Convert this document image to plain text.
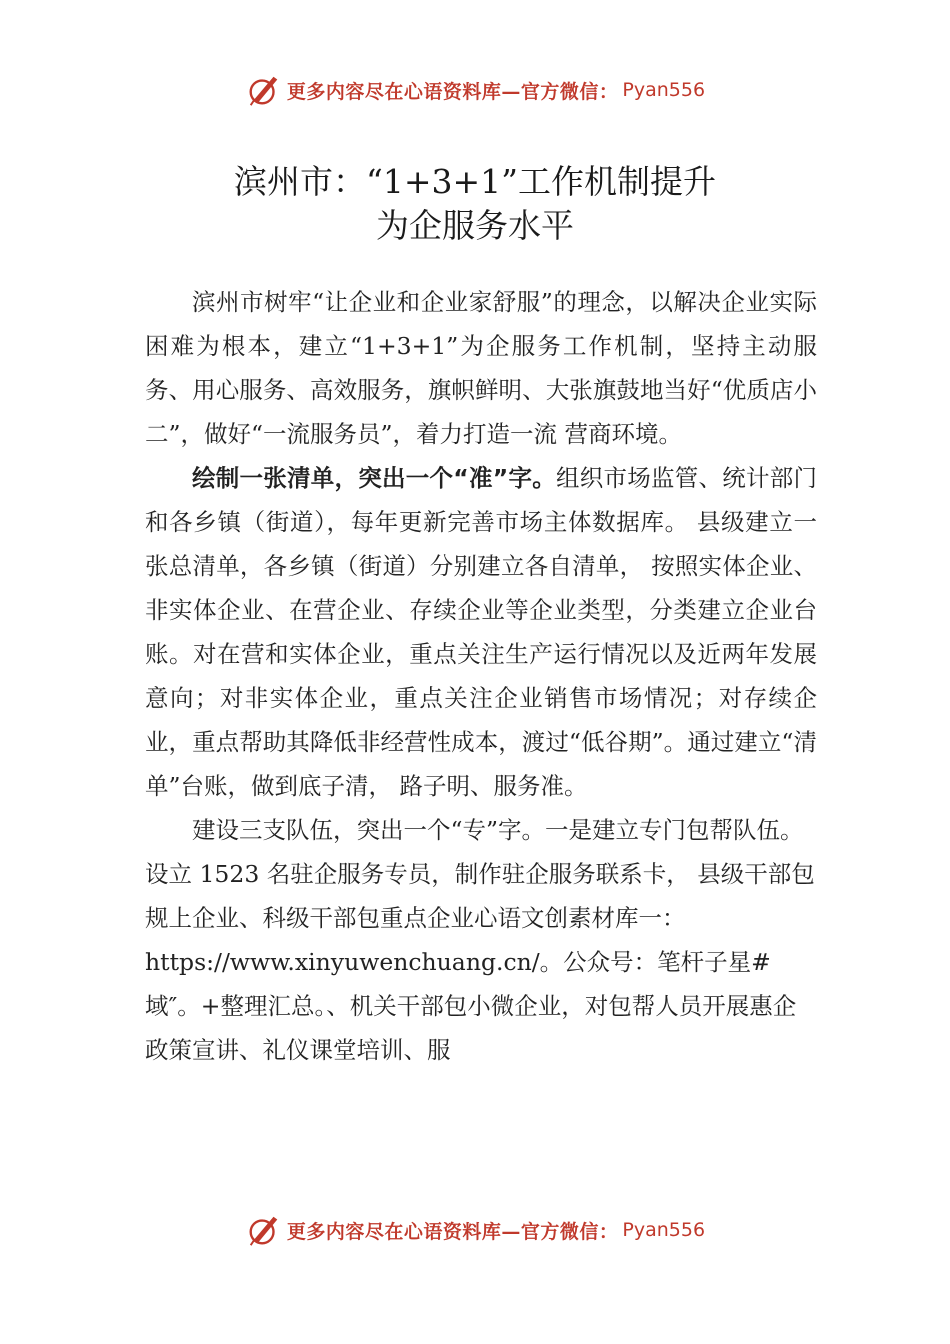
更多内容尽在心语资料库—官方微信： Pyan556
滨州市：“1+3+1”工作机制提升
为企服务水平

滨州市树牢“让企业和企业家舒服”的理念，以解决企业实际困难为根本，建立“1+3+1”为企服务工作机制，坚持主动服务、用心服务、高效服务，旗帜鲜明、大张旗鼓地当好“优质店小二”，做好“一流服务员”，着力打造一流 营商环境。

绘制一张清单，突出一个“准”字。组织市场监管、统计部门和各乡镇（街道），每年更新完善市场主体数据库。 县级建立一张总清单，各乡镇（街道）分别建立各自清单， 按照实体企业、非实体企业、在营企业、存续企业等企业类型，分类建立企业台账。对在营和实体企业，重点关注生产运行情况以及近两年发展意向；对非实体企业，重点关注企业销售市场情况；对存续企业，重点帮助其降低非经营性成本，渡过“低谷期”。通过建立“清单”台账，做到底子清， 路子明、服务准。

建设三支队伍，突出一个“专”字。一是建立专门包帮队伍。设立 1523 名驻企服务专员，制作驻企服务联系卡， 县级干部包规上企业、科级干部包重点企业心语文创素材库一：https://www.xinyuwenchuang.cn/。公众号：笔杆子星#域″。+整理汇总。、机关干部包小微企业，对包帮人员开展惠企政策宣讲、礼仪课堂培训、服

更多内容尽在心语资料库—官方微信： Pyan556
